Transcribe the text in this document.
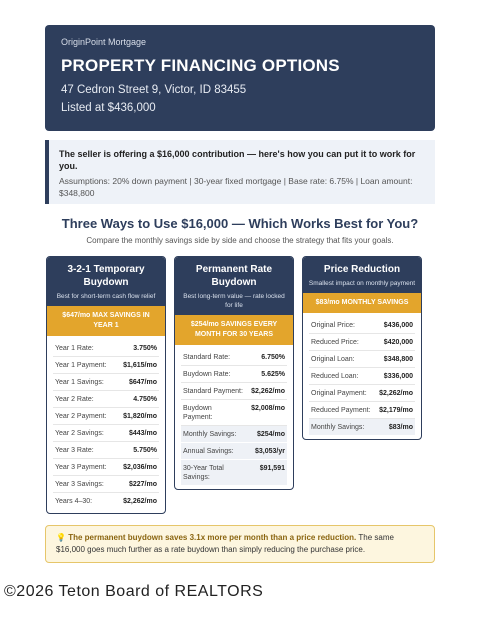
OriginPoint Mortgage
PROPERTY FINANCING OPTIONS
47 Cedron Street 9, Victor, ID 83455
Listed at $436,000
The seller is offering a $16,000 contribution — here's how you can put it to work for you.
Assumptions: 20% down payment | 30-year fixed mortgage | Base rate: 6.75% | Loan amount: $348,800
Three Ways to Use $16,000 — Which Works Best for You?
Compare the monthly savings side by side and choose the strategy that fits your goals.
3-2-1 Temporary Buydown
Best for short-term cash flow relief
$647/mo MAX SAVINGS IN YEAR 1
Year 1 Rate:	3.750%
Year 1 Payment: $1,615/mo
Year 1 Savings:	$647/mo
Year 2 Rate:	4.750%
Year 2 Payment: $1,820/mo
Year 2 Savings:	$443/mo
Year 3 Rate:	5.750%
Year 3 Payment: $2,036/mo
Year 3 Savings:	$227/mo
Years 4–30:	$2,262/mo
Permanent Rate Buydown
Best long-term value — rate locked for life
$254/mo SAVINGS EVERY MONTH FOR 30 YEARS
Standard Rate:	6.750%
Buydown Rate:	5.625%
Standard Payment: $2,262/mo
Buydown Payment:
$2,008/mo
Monthly Savings:	$254/mo
Annual Savings:	$3,053/yr
30-Year Total Savings:
$91,591
Price Reduction
Smallest impact on monthly payment
$83/mo MONTHLY SAVINGS
Original Price:	$436,000
Reduced Price:	$420,000
Original Loan:	$348,800
Reduced Loan:	$336,000
Original Payment: $2,262/mo
Reduced Payment: $2,179/mo
Monthly Savings:	$83/mo
💡 The permanent buydown saves 3.1x more per month than a price reduction. The same $16,000 goes much further as a rate buydown than simply reducing the purchase price.
©2026 Teton Board of REALTORS
